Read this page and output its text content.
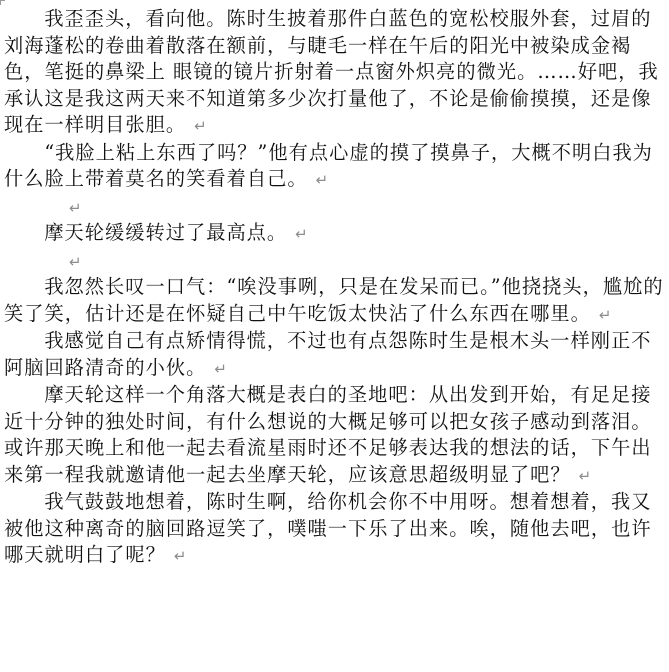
我歪歪头，看向他。陈时生披着那件白蓝色的宽松校服外套，过眉的刘海蓬松的卷曲着散落在额前，与睫毛一样在午后的阳光中被染成金褐色，笔挺的鼻梁上 眼镜的镜片折射着一点窗外炽亮的微光。……好吧，我承认这是我这两天来不知道第多少次打量他了，不论是偷偷摸摸，还是像现在一样明目张胆。 ↵

“我脸上粘上东西了吗？”他有点心虚的摸了摸鼻子，大概不明白我为什么脸上带着莫名的笑看着自己。 ↵

↵

摩天轮缓缓转过了最高点。 ↵

↵

我忽然长叹一口气：“唉没事咧，只是在发呆而已。”他挠挠头，尴尬的笑了笑，估计还是在怀疑自己中午吃饭太快沾了什么东西在哪里。 ↵

我感觉自己有点矫情得慌，不过也有点怨陈时生是根木头一样刚正不阿脑回路清奇的小伙。 ↵

摩天轮这样一个角落大概是表白的圣地吧：从出发到开始，有足足接近十分钟的独处时间，有什么想说的大概足够可以把女孩子感动到落泪。或许那天晚上和他一起去看流星雨时还不足够表达我的想法的话，下午出来第一程我就邀请他一起去坐摩天轮，应该意思超级明显了吧？ ↵

我气鼓鼓地想着，陈时生啊，给你机会你不中用呀。想着想着，我又被他这种离奇的脑回路逗笑了，噗嗤一下乐了出来。唉，随他去吧，也许哪天就明白了呢？ ↵
